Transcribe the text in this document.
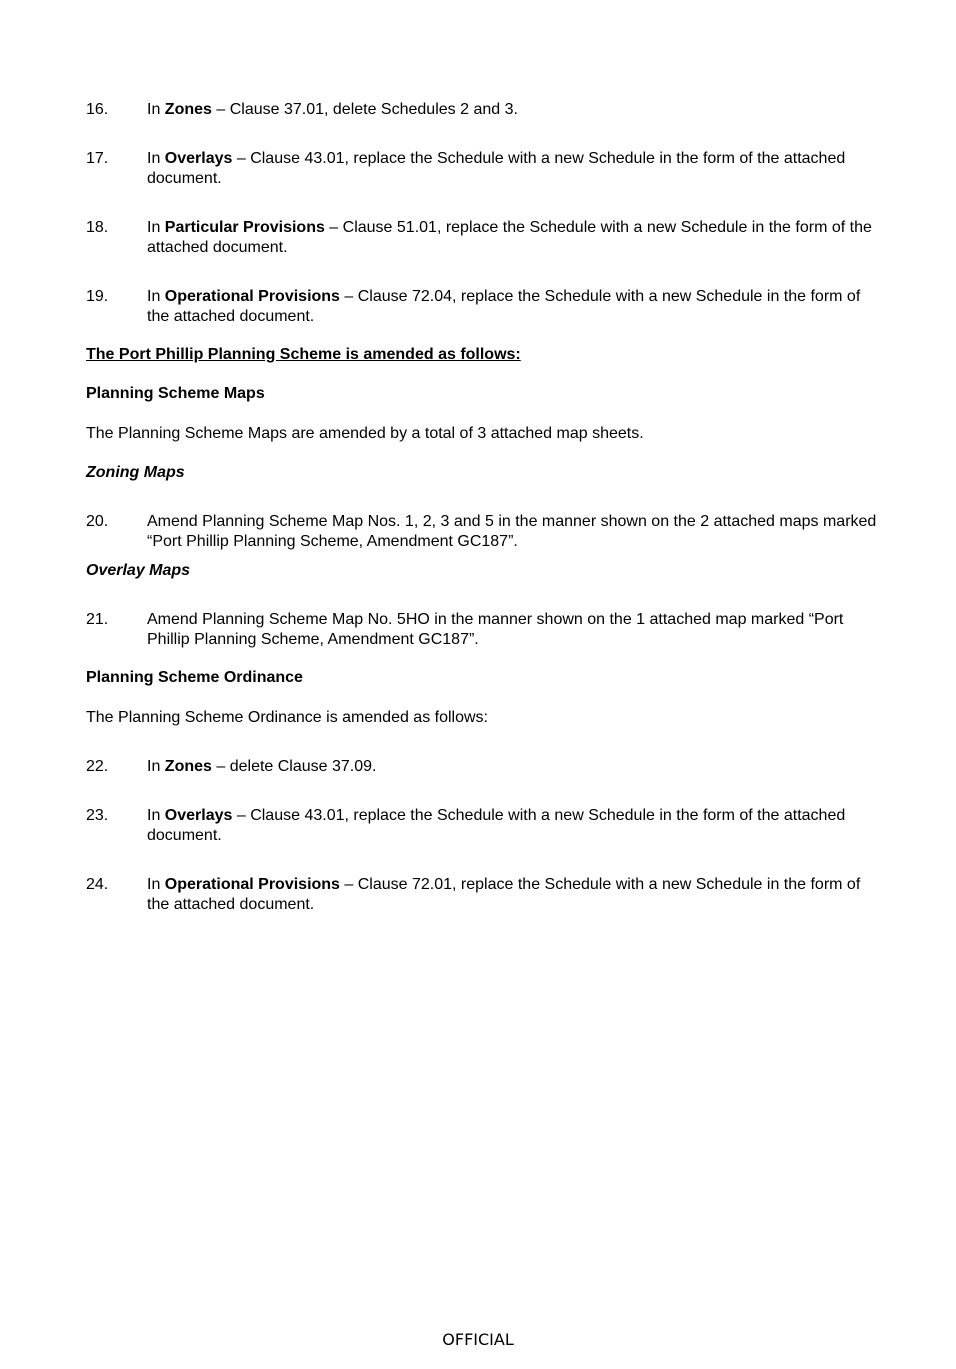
16.	In Zones – Clause 37.01, delete Schedules 2 and 3.
17.	In Overlays – Clause 43.01, replace the Schedule with a new Schedule in the form of the attached document.
18.	In Particular Provisions – Clause 51.01, replace the Schedule with a new Schedule in the form of the attached document.
19.	In Operational Provisions – Clause 72.04, replace the Schedule with a new Schedule in the form of the attached document.
The Port Phillip Planning Scheme is amended as follows:
Planning Scheme Maps
The Planning Scheme Maps are amended by a total of 3 attached map sheets.
Zoning Maps
20.	Amend Planning Scheme Map Nos. 1, 2, 3 and 5 in the manner shown on the 2 attached maps marked “Port Phillip Planning Scheme, Amendment GC187”.
Overlay Maps
21.	Amend Planning Scheme Map No. 5HO in the manner shown on the 1 attached map marked “Port Phillip Planning Scheme, Amendment GC187”.
Planning Scheme Ordinance
The Planning Scheme Ordinance is amended as follows:
22.	In Zones – delete Clause 37.09.
23.	In Overlays – Clause 43.01, replace the Schedule with a new Schedule in the form of the attached document.
24.	In Operational Provisions – Clause 72.01, replace the Schedule with a new Schedule in the form of the attached document.
OFFICIAL
